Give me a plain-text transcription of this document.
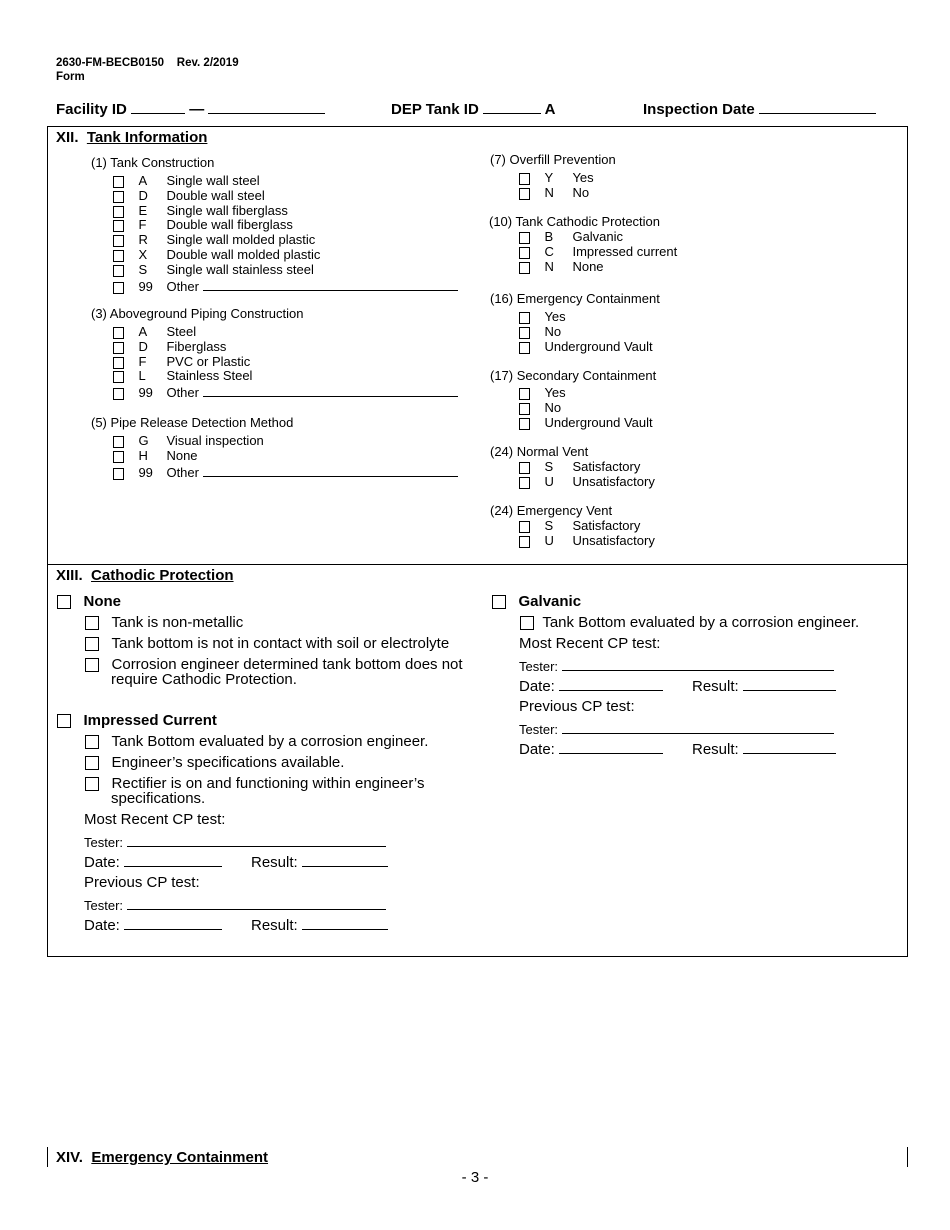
2630-FM-BECB0150 Rev. 2/2019
Form
Facility ID	—	DEP Tank ID	A	Inspection Date
XII. Tank Information
(1) Tank Construction
A Single wall steel
D Double wall steel
E Single wall fiberglass
F Double wall fiberglass
R Single wall molded plastic
X Double wall molded plastic
S Single wall stainless steel
99 Other
(3) Aboveground Piping Construction
A Steel
D Fiberglass
F PVC or Plastic
L Stainless Steel
99 Other
(5) Pipe Release Detection Method
G Visual inspection
H None
99 Other
(7) Overfill Prevention
Y Yes
N No
(10) Tank Cathodic Protection
B Galvanic
C Impressed current
N None
(16) Emergency Containment
Yes
No
Underground Vault
(17) Secondary Containment
Yes
No
Underground Vault
(24) Normal Vent
S Satisfactory
U Unsatisfactory
(24) Emergency Vent
S Satisfactory
U Unsatisfactory
XIII. Cathodic Protection
None
Tank is non-metallic
Tank bottom is not in contact with soil or electrolyte
Corrosion engineer determined tank bottom does not
require Cathodic Protection.
Impressed Current
Tank Bottom evaluated by a corrosion engineer.
Engineer’s specifications available.
Rectifier is on and functioning within engineer’s
specifications.
Most Recent CP test:
Tester:
Date:	Result:
Previous CP test:
Tester:
Date:	Result:
Galvanic
Tank Bottom evaluated by a corrosion engineer.
Most Recent CP test:
Tester:
Date:	Result:
Previous CP test:
Tester:
Date:	Result:
XIV. Emergency Containment
- 3 -
